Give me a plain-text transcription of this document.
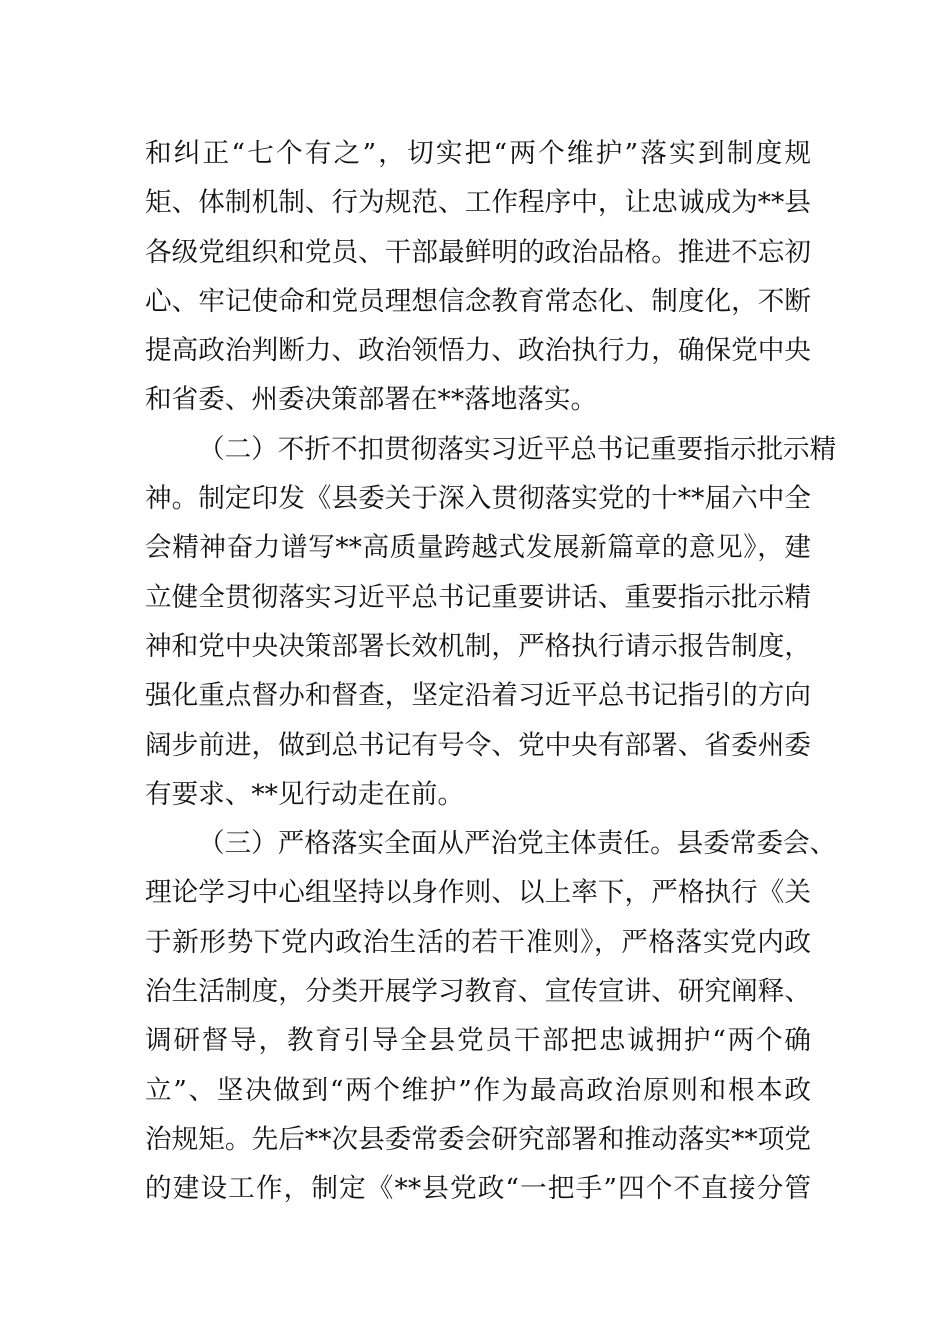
和纠正“七个有之”，切实把“两个维护”落实到制度规
矩、体制机制、行为规范、工作程序中，让忠诚成为**县
各级党组织和党员、干部最鲜明的政治品格。推进不忘初
心、牢记使命和党员理想信念教育常态化、制度化，不断
提高政治判断力、政治领悟力、政治执行力，确保党中央
和省委、州委决策部署在**落地落实。
（二）不折不扣贯彻落实习近平总书记重要指示批示精
神。制定印发《县委关于深入贯彻落实党的十**届六中全
会精神奋力谱写**高质量跨越式发展新篇章的意见》，建
立健全贯彻落实习近平总书记重要讲话、重要指示批示精
神和党中央决策部署长效机制，严格执行请示报告制度，
强化重点督办和督查，坚定沿着习近平总书记指引的方向
阔步前进，做到总书记有号令、党中央有部署、省委州委
有要求、**见行动走在前。
（三）严格落实全面从严治党主体责任。县委常委会、
理论学习中心组坚持以身作则、以上率下，严格执行《关
于新形势下党内政治生活的若干准则》，严格落实党内政
治生活制度，分类开展学习教育、宣传宣讲、研究阐释、
调研督导，教育引导全县党员干部把忠诚拥护“两个确
立”、坚决做到“两个维护”作为最高政治原则和根本政
治规矩。先后**次县委常委会研究部署和推动落实**项党
的建设工作，制定《**县党政“一把手”四个不直接分管
